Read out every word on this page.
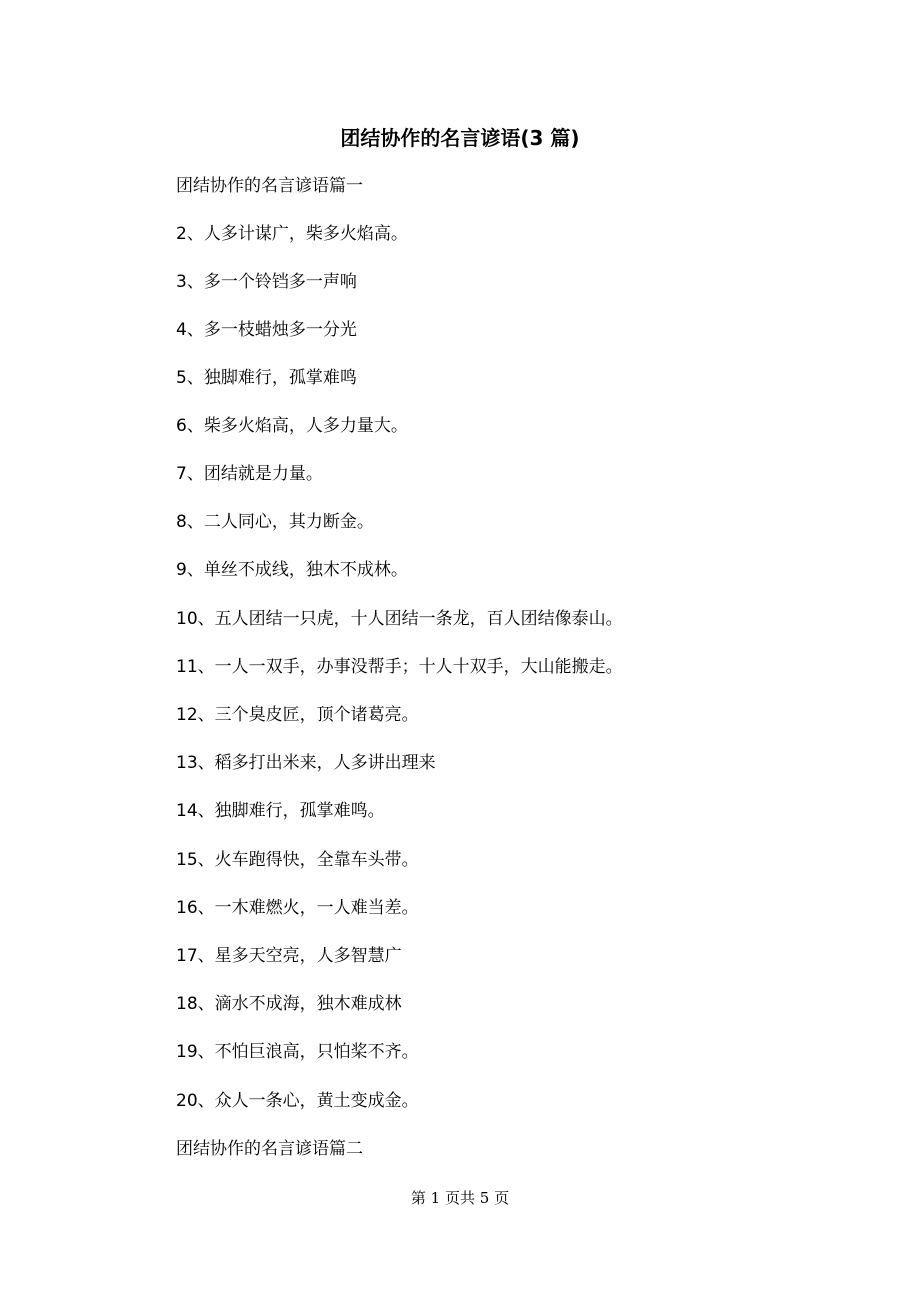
团结协作的名言谚语(3 篇)

团结协作的名言谚语篇一

2、人多计谋广，柴多火焰高。

3、多一个铃铛多一声响

4、多一枝蜡烛多一分光

5、独脚难行，孤掌难鸣

6、柴多火焰高，人多力量大。

7、团结就是力量。

8、二人同心，其力断金。

9、单丝不成线，独木不成林。

10、五人团结一只虎，十人团结一条龙，百人团结像泰山。

11、一人一双手，办事没帮手；十人十双手，大山能搬走。

12、三个臭皮匠，顶个诸葛亮。

13、稻多打出米来，人多讲出理来

14、独脚难行，孤掌难鸣。

15、火车跑得快，全靠车头带。

16、一木难燃火，一人难当差。

17、星多天空亮，人多智慧广

18、滴水不成海，独木难成林

19、不怕巨浪高，只怕桨不齐。

20、众人一条心，黄土变成金。

团结协作的名言谚语篇二

第 1 页共 5 页
